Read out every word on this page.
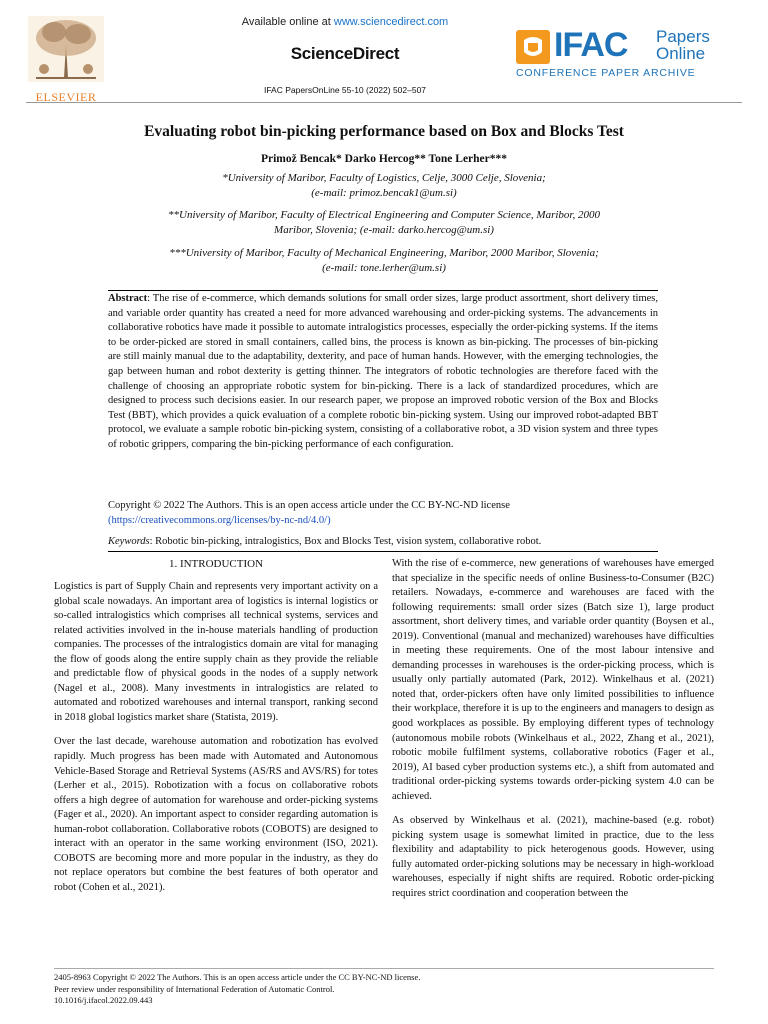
ELSEVIER
Available online at www.sciencedirect.com
ScienceDirect
IFAC PapersOnLine 55-10 (2022) 502–507
IFAC Papers
Online
CONFERENCE PAPER ARCHIVE
Evaluating robot bin-picking performance based on Box and Blocks Test
Primož Bencak* Darko Hercog** Tone Lerher***
*University of Maribor, Faculty of Logistics, Celje, 3000 Celje, Slovenia;
(e-mail: primoz.bencak1@um.si)
**University of Maribor, Faculty of Electrical Engineering and Computer Science, Maribor, 2000
Maribor, Slovenia; (e-mail: darko.hercog@um.si)
***University of Maribor, Faculty of Mechanical Engineering, Maribor, 2000 Maribor, Slovenia;
(e-mail: tone.lerher@um.si)
Abstract: The rise of e-commerce, which demands solutions for small order sizes, large product assortment, short delivery times, and variable order quantity has created a need for more advanced warehousing and order-picking systems. The advancements in collaborative robotics have made it possible to automate intralogistics processes, especially the order-picking systems. If the items to be order-picked are stored in small containers, called bins, the process is known as bin-picking. The processes of bin-picking are still mainly manual due to the adaptability, dexterity, and pace of human hands. However, with the emerging technologies, the gap between human and robot dexterity is getting thinner. The integrators of robotic technologies are therefore faced with the challenge of choosing an appropriate robotic system for bin-picking. There is a lack of standardized procedures, which are designed to process such decisions easier. In our research paper, we propose an improved robotic version of the Box and Blocks Test (BBT), which provides a quick evaluation of a complete robotic bin-picking system. Using our improved robot-adapted BBT protocol, we evaluate a sample robotic bin-picking system, consisting of a collaborative robot, a 3D vision system and three types of robotic grippers, comparing the bin-picking performance of each configuration.
Copyright © 2022 The Authors. This is an open access article under the CC BY-NC-ND license
(https://creativecommons.org/licenses/by-nc-nd/4.0/)
Keywords: Robotic bin-picking, intralogistics, Box and Blocks Test, vision system, collaborative robot.
1. INTRODUCTION

Logistics is part of Supply Chain and represents very important activity on a global scale nowadays. An important area of logistics is internal logistics or so-called intralogistics which comprises all technical systems, services and related activities involved in the in-house materials handling of production companies. The processes of the intralogistics domain are vital for managing the flow of goods along the entire supply chain as they provide the reliable and predictable flow of physical goods in the nodes of a supply network (Nagel et al., 2008). Many investments in intralogistics are related to automated and robotized warehouses and internal transport, ranking second in 2018 global logistics market share (Statista, 2019).

Over the last decade, warehouse automation and robotization has evolved rapidly. Much progress has been made with Automated and Autonomous Vehicle-Based Storage and Retrieval Systems (AS/RS and AVS/RS) for totes (Lerher et al., 2015). Robotization with a focus on collaborative robots offers a high degree of automation for warehouse and order-picking systems (Fager et al., 2020). An important aspect to consider regarding automation is human-robot collaboration. Collaborative robots (COBOTS) are designed to interact with an operator in the same working environment (ISO, 2021). COBOTS are becoming more and more popular in the industry, as they do not replace operators but combine the best features of both operator and robot (Cohen et al., 2021).

With the rise of e-commerce, new generations of warehouses have emerged that specialize in the specific needs of online Business-to-Consumer (B2C) retailers. Nowadays, e-commerce and warehouses are faced with the following requirements: small order sizes (Batch size 1), large product assortment, short delivery times, and variable order quantity (Boysen et al., 2019). Conventional (manual and mechanized) warehouses have difficulties in meeting these requirements. One of the most labour intensive and demanding processes in warehouses is the order-picking process, which is usually only partially automated (Park, 2012). Winkelhaus et al. (2021) noted that, order-pickers often have only limited possibilities to influence their workplace, therefore it is up to the engineers and managers to design as good workplaces as possible. By employing different types of technology (autonomous mobile robots (Winkelhaus et al., 2022, Zhang et al., 2021), robotic mobile fulfilment systems, collaborative robotics (Fager et al., 2019), AI based cyber production systems etc.), a shift from automated and traditional order-picking systems towards order-picking system 4.0 can be achieved.

As observed by Winkelhaus et al. (2021), machine-based (e.g. robot) picking system usage is somewhat limited in practice, due to the less flexibility and adaptability to pick heterogenous goods. However, using fully automated order-picking solutions may be necessary in high-workload warehouses, especially if night shifts are required. Robotic order-picking requires strict coordination and cooperation between the

2405-8963 Copyright © 2022 The Authors. This is an open access article under the CC BY-NC-ND license.
Peer review under responsibility of International Federation of Automatic Control.
10.1016/j.ifacol.2022.09.443
